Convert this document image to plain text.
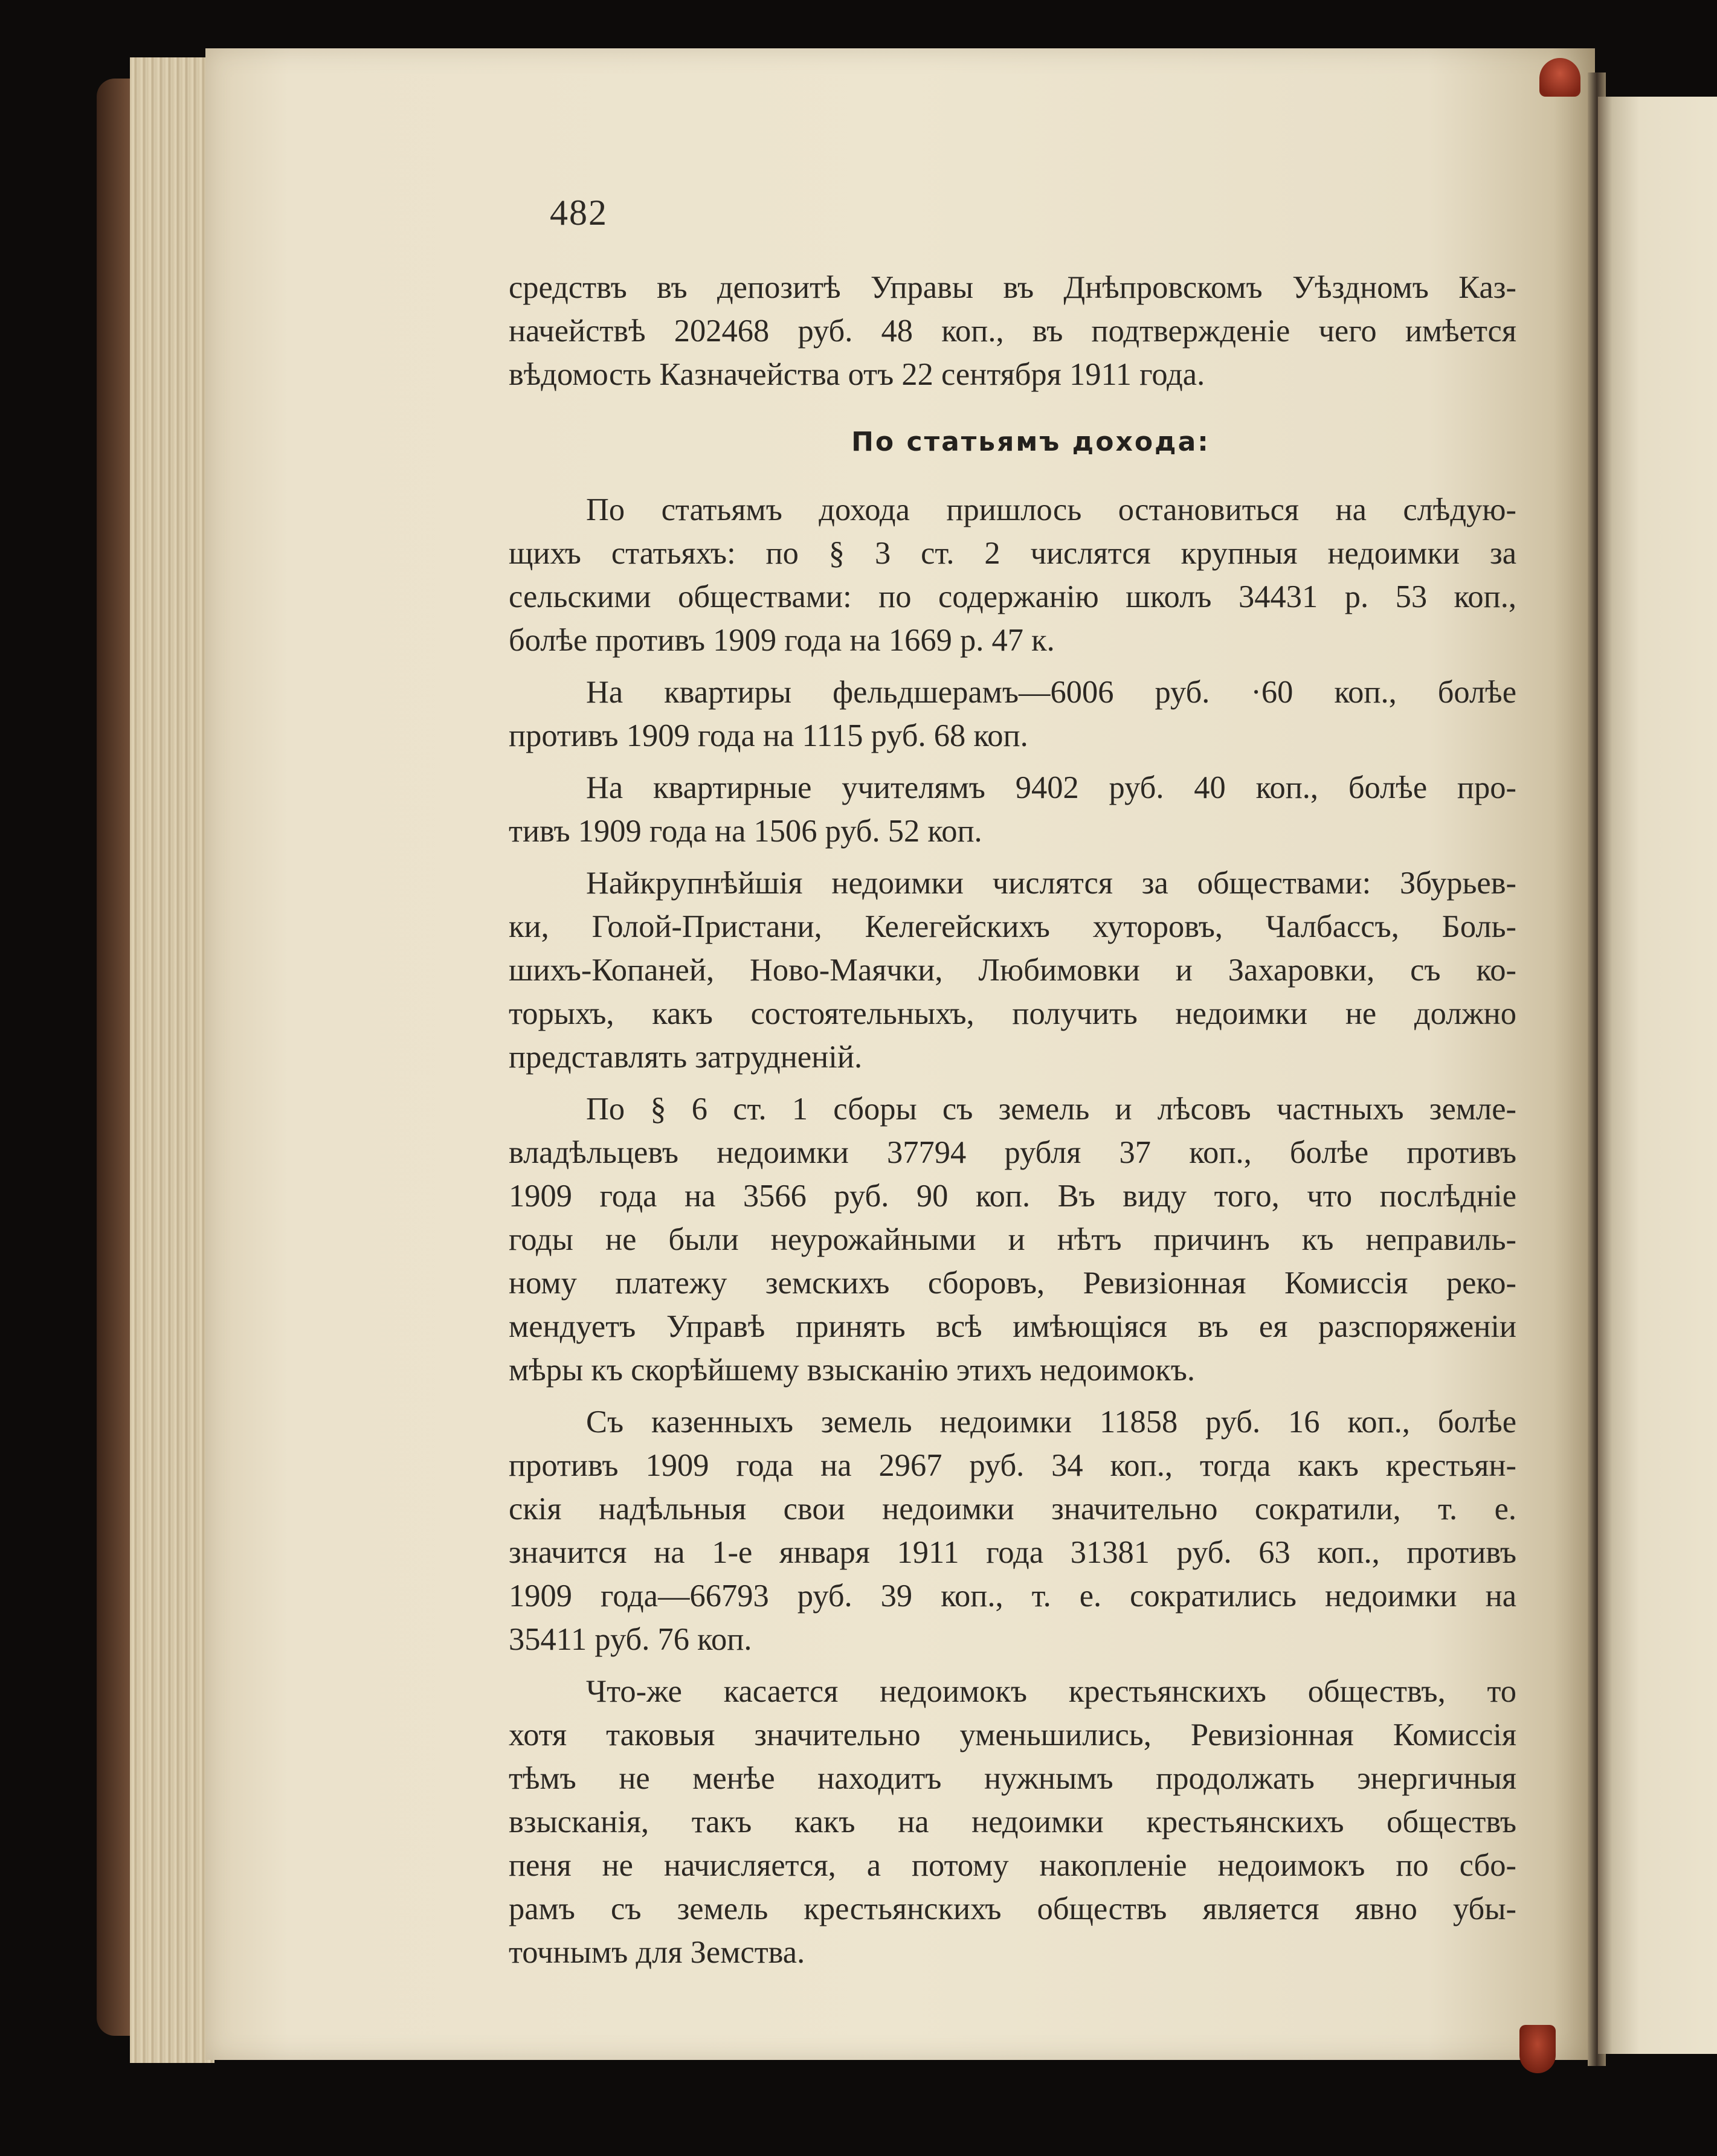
482

средствъ въ депозитѣ Управы въ Днѣпровскомъ Уѣздномъ Каз-

начействѣ 202468 руб. 48 коп., въ подтвержденіе чего имѣется

вѣдомость Казначейства отъ 22 сентября 1911 года.

По статьямъ дохода:

По статьямъ дохода пришлось остановиться на слѣдую-

щихъ статьяхъ: по § 3 ст. 2 числятся крупныя недоимки за

сельскими обществами: по содержанію школъ 34431 р. 53 коп.,

болѣе противъ 1909 года на 1669 р. 47 к.

На квартиры фельдшерамъ—6006 руб. ·60 коп., болѣе

противъ 1909 года на 1115 руб. 68 коп.

На квартирные учителямъ 9402 руб. 40 коп., болѣе про-

тивъ 1909 года на 1506 руб. 52 коп.

Найкрупнѣйшія недоимки числятся за обществами: Збурьев-

ки, Голой-Пристани, Келегейскихъ хуторовъ, Чалбассъ, Боль-

шихъ-Копаней, Ново-Маячки, Любимовки и Захаровки, съ ко-

торыхъ, какъ состоятельныхъ, получить недоимки не должно

представлять затрудненій.

По § 6 ст. 1 сборы съ земель и лѣсовъ частныхъ земле-

владѣльцевъ недоимки 37794 рубля 37 коп., болѣе противъ

1909 года на 3566 руб. 90 коп. Въ виду того, что послѣдніе

годы не были неурожайными и нѣтъ причинъ къ неправиль-

ному платежу земскихъ сборовъ, Ревизіонная Комиссія реко-

мендуетъ Управѣ принять всѣ имѣющіяся въ ея разспоряженіи

мѣры къ скорѣйшему взысканію этихъ недоимокъ.

Съ казенныхъ земель недоимки 11858 руб. 16 коп., болѣе

противъ 1909 года на 2967 руб. 34 коп., тогда какъ крестьян-

скія надѣльныя свои недоимки значительно сократили, т. е.

значится на 1-е января 1911 года 31381 руб. 63 коп., противъ

1909 года—66793 руб. 39 коп., т. е. сократились недоимки на

35411 руб. 76 коп.

Что-же касается недоимокъ крестьянскихъ обществъ, то

хотя таковыя значительно уменьшились, Ревизіонная Комиссія

тѣмъ не менѣе находитъ нужнымъ продолжать энергичныя

взысканія, такъ какъ на недоимки крестьянскихъ обществъ

пеня не начисляется, а потому накопленіе недоимокъ по сбо-

рамъ съ земель крестьянскихъ обществъ является явно убы-

точнымъ для Земства.
